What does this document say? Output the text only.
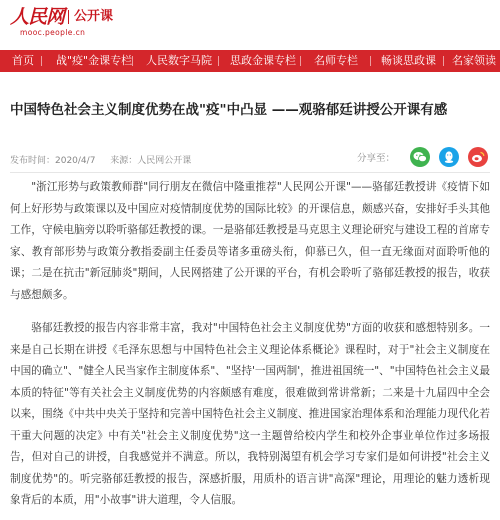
人民网 公开课
mooc.people.cn
首页 战"疫"金课专栏 人民数字马院 思政金课专栏 名师专栏 畅谈思政课 名家领读
中国特色社会主义制度优势在战"疫"中凸显 ——观骆郁廷讲授公开课有感
发布时间：2020/4/7 来源：人民网公开课	分享至：

"浙江形势与政策教师群"同行朋友在微信中隆重推荐"人民网公开课"——骆郁廷教授讲《疫情下如何上好形势与政策课以及中国应对疫情制度优势的国际比较》的开课信息，颇感兴奋，安排好手头其他工作，守候电脑旁以聆听骆郁廷教授的课。一是骆郁廷教授是马克思主义理论研究与建设工程的首席专家、教育部形势与政策分教指委副主任委员等诸多重磅头衔，仰慕已久，但一直无缘面对面聆听他的课；二是在抗击"新冠肺炎"期间，人民网搭建了公开课的平台，有机会聆听了骆郁廷教授的报告，收获与感想颇多。

骆郁廷教授的报告内容非常丰富，我对"中国特色社会主义制度优势"方面的收获和感想特别多。一来是自己长期在讲授《毛泽东思想与中国特色社会主义理论体系概论》课程时，对于"社会主义制度在中国的确立"、"健全人民当家作主制度体系"、"坚持'一国两制'，推进祖国统一"、"中国特色社会主义最本质的特征"等有关社会主义制度优势的内容颇感有难度，很难做到常讲常新；二来是十九届四中全会以来，围绕《中共中央关于坚持和完善中国特色社会主义制度、推进国家治理体系和治理能力现代化若干重大问题的决定》中有关"社会主义制度优势"这一主题曾给校内学生和校外企事业单位作过多场报告，但对自己的讲授，自我感觉并不满意。所以，我特别渴望有机会学习专家们是如何讲授"社会主义制度优势"的。听完骆郁廷教授的报告，深感折服，用质朴的语言讲"高深"理论，用理论的魅力透析现象背后的本质，用"小故事"讲大道理，令人信服。
